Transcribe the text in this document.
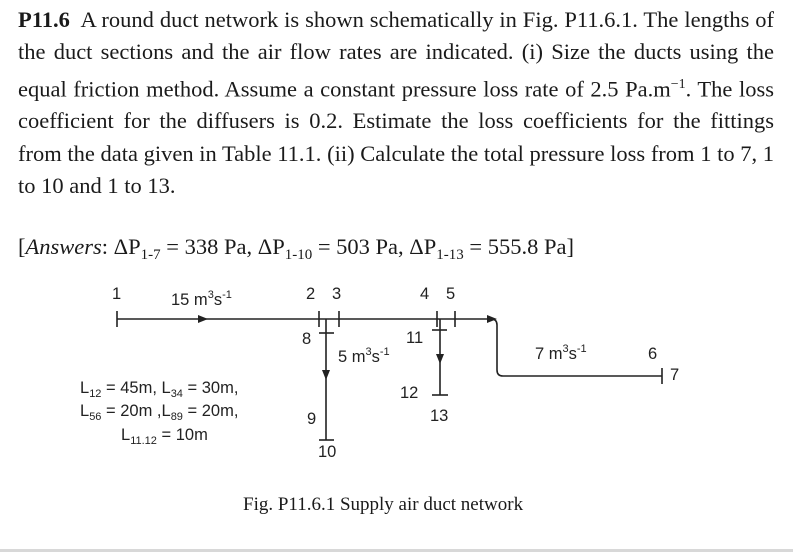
P11.6 A round duct network is shown schematically in Fig. P11.6.1. The lengths of the duct sections and the air flow rates are indicated. (i) Size the ducts using the equal friction method. Assume a constant pressure loss rate of 2.5 $Pa.m^{-1}$. The loss coefficient for the diffusers is 0.2. Estimate the loss coefficients for the fittings from the data given in Table 11.1. (ii) Calculate the total pressure loss from 1 to 7, 1 to 10 and 1 to 13.
[Answers: $\Delta P_{1-7} = 338$ Pa, $\Delta P_{1-10} = 503$ Pa, $\Delta P_{1-13} = 555.8$ Pa]
1	2 3	4 5
6
7
8
9
10
11
12
13
15 $m^3s^{-1}$
5 $m^3s^{-1}$	7 $m^3s^{-1}$
$L_{12} = 45m$, $L_{34} = 30m$,
$L_{56} = 20m$ $,L_{89} = 20m$,
$L_{11.12} = 10m$
Fig. P11.6.1 Supply air duct network
